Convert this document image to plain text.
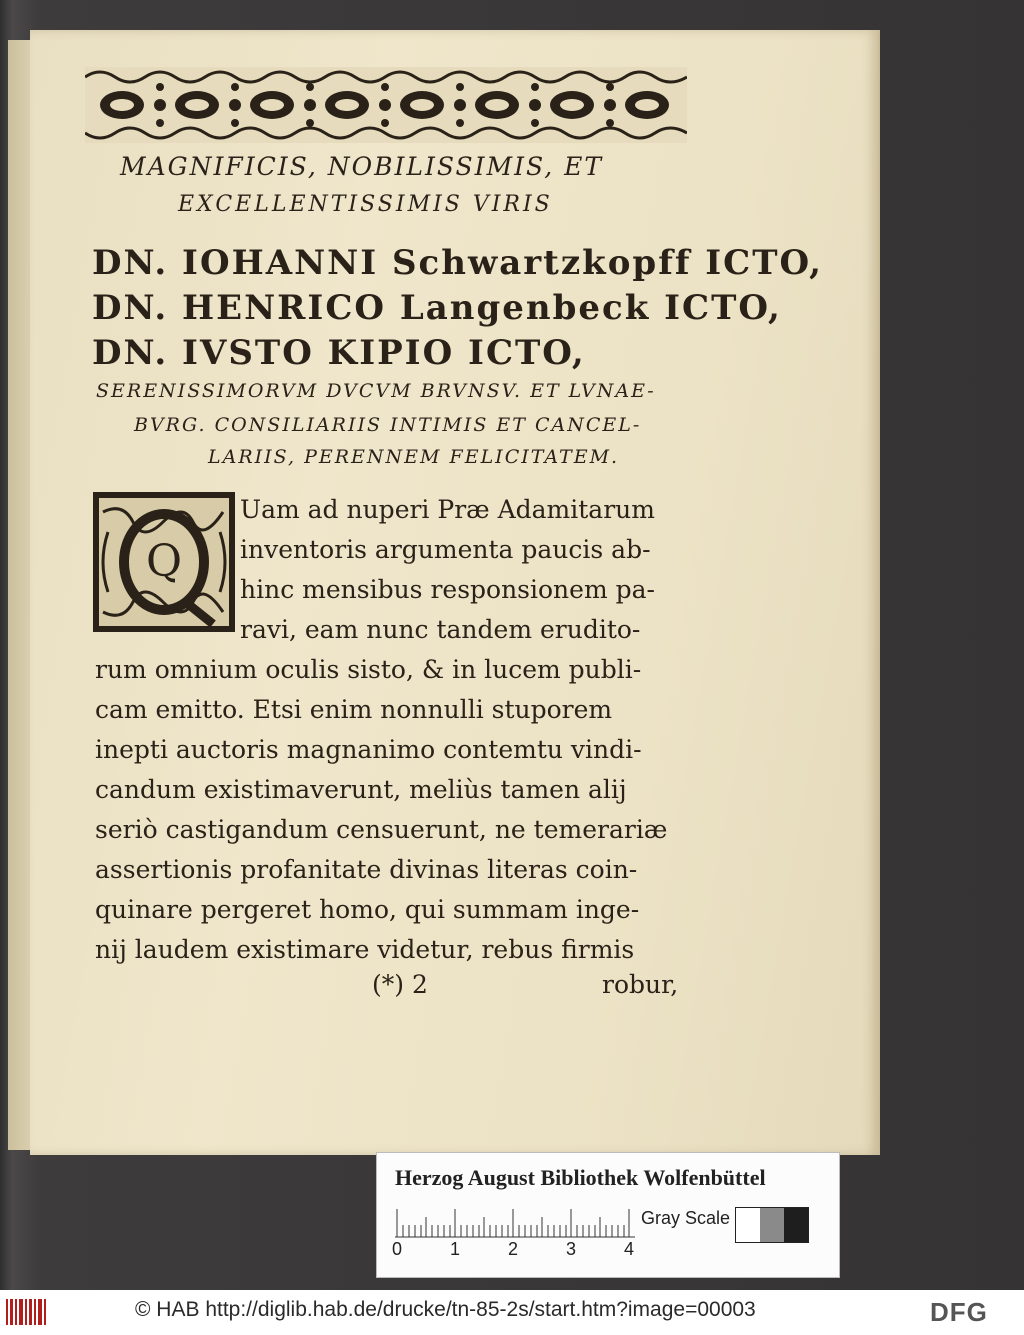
MAGNIFICIS, NOBILISSIMIS, ET
EXCELLENTISSIMIS VIRIS
DN. IOHANNI Schwartzkopff ICTO,
DN. HENRICO Langenbeck ICTO,
DN. IVSTO KIPIO ICTO,
SERENISSIMORVM DVCVM BRVNSV. ET LVNAE-
BVRG. CONSILIARIIS INTIMIS ET CANCEL-
LARIIS, PERENNEM FELICITATEM.
Q
Uam ad nuperi Præ Adamitarum
inventoris argumenta paucis ab-
hinc mensibus responsionem pa-
ravi, eam nunc tandem erudito-
rum omnium oculis sisto, & in lucem publi-
cam emitto. Etsi enim nonnulli stuporem
inepti auctoris magnanimo contemtu vindi-
candum existimaverunt, meliùs tamen alij
seriò castigandum censuerunt, ne temerariæ
assertionis profanitate divinas literas coin-
quinare pergeret homo, qui summam inge-
nij laudem existimare videtur, rebus firmis
(*) 2	robur,
Herzog August Bibliothek Wolfenbüttel
0	1	2	3	4
Gray Scale
© HAB http://diglib.hab.de/drucke/tn-85-2s/start.htm?image=00003	DFG
